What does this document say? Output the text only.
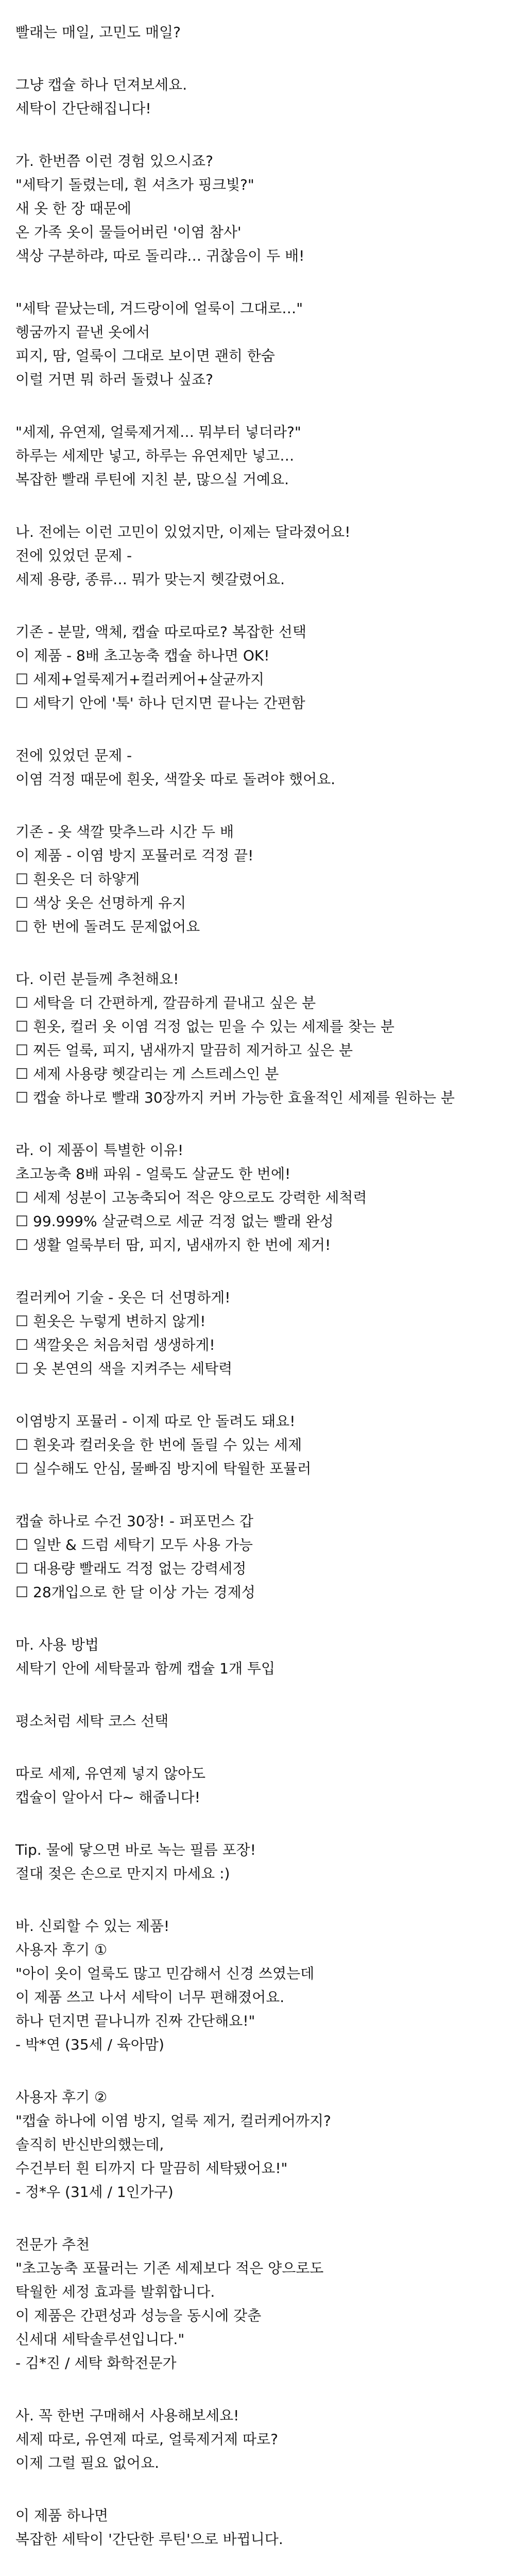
빨래는 매일, 고민도 매일?
그냥 캡슐 하나 던져보세요.
세탁이 간단해집니다!
가. 한번쯤 이런 경험 있으시죠?
"세탁기 돌렸는데, 흰 셔츠가 핑크빛?"
새 옷 한 장 때문에
온 가족 옷이 물들어버린 '이염 참사'
색상 구분하랴, 따로 돌리랴… 귀찮음이 두 배!
"세탁 끝났는데, 겨드랑이에 얼룩이 그대로…"
헹굼까지 끝낸 옷에서
피지, 땀, 얼룩이 그대로 보이면 괜히 한숨
이럴 거면 뭐 하러 돌렸나 싶죠?
"세제, 유연제, 얼룩제거제… 뭐부터 넣더라?"
하루는 세제만 넣고, 하루는 유연제만 넣고…
복잡한 빨래 루틴에 지친 분, 많으실 거예요.
나. 전에는 이런 고민이 있었지만, 이제는 달라졌어요!
전에 있었던 문제 -
세제 용량, 종류… 뭐가 맞는지 헷갈렸어요.
기존 - 분말, 액체, 캡슐 따로따로? 복잡한 선택
이 제품 - 8배 초고농축 캡슐 하나면 OK!
☐ 세제+얼룩제거+컬러케어+살균까지
☐ 세탁기 안에 '툭' 하나 던지면 끝나는 간편함
전에 있었던 문제 -
이염 걱정 때문에 흰옷, 색깔옷 따로 돌려야 했어요.
기존 - 옷 색깔 맞추느라 시간 두 배
이 제품 - 이염 방지 포뮬러로 걱정 끝!
☐ 흰옷은 더 하얗게
☐ 색상 옷은 선명하게 유지
☐ 한 번에 돌려도 문제없어요
다. 이런 분들께 추천해요!
☐ 세탁을 더 간편하게, 깔끔하게 끝내고 싶은 분
☐ 흰옷, 컬러 옷 이염 걱정 없는 믿을 수 있는 세제를 찾는 분
☐ 찌든 얼룩, 피지, 냄새까지 말끔히 제거하고 싶은 분
☐ 세제 사용량 헷갈리는 게 스트레스인 분
☐ 캡슐 하나로 빨래 30장까지 커버 가능한 효율적인 세제를 원하는 분
라. 이 제품이 특별한 이유!
초고농축 8배 파워 - 얼룩도 살균도 한 번에!
☐ 세제 성분이 고농축되어 적은 양으로도 강력한 세척력
☐ 99.999% 살균력으로 세균 걱정 없는 빨래 완성
☐ 생활 얼룩부터 땀, 피지, 냄새까지 한 번에 제거!
컬러케어 기술 - 옷은 더 선명하게!
☐ 흰옷은 누렇게 변하지 않게!
☐ 색깔옷은 처음처럼 생생하게!
☐ 옷 본연의 색을 지켜주는 세탁력
이염방지 포뮬러 - 이제 따로 안 돌려도 돼요!
☐ 흰옷과 컬러옷을 한 번에 돌릴 수 있는 세제
☐ 실수해도 안심, 물빠짐 방지에 탁월한 포뮬러
캡슐 하나로 수건 30장! - 퍼포먼스 갑
☐ 일반 & 드럼 세탁기 모두 사용 가능
☐ 대용량 빨래도 걱정 없는 강력세정
☐ 28개입으로 한 달 이상 가는 경제성
마. 사용 방법
세탁기 안에 세탁물과 함께 캡슐 1개 투입
평소처럼 세탁 코스 선택
따로 세제, 유연제 넣지 않아도
캡슐이 알아서 다~ 해줍니다!
Tip. 물에 닿으면 바로 녹는 필름 포장!
절대 젖은 손으로 만지지 마세요 :)
바. 신뢰할 수 있는 제품!
사용자 후기 ①
"아이 옷이 얼룩도 많고 민감해서 신경 쓰였는데
이 제품 쓰고 나서 세탁이 너무 편해졌어요.
하나 던지면 끝나니까 진짜 간단해요!"
- 박*연 (35세 / 육아맘)
사용자 후기 ②
"캡슐 하나에 이염 방지, 얼룩 제거, 컬러케어까지?
솔직히 반신반의했는데,
수건부터 흰 티까지 다 말끔히 세탁됐어요!"
- 정*우 (31세 / 1인가구)
전문가 추천
"초고농축 포뮬러는 기존 세제보다 적은 양으로도
탁월한 세정 효과를 발휘합니다.
이 제품은 간편성과 성능을 동시에 갖춘
신세대 세탁솔루션입니다."
- 김*진 / 세탁 화학전문가
사. 꼭 한번 구매해서 사용해보세요!
세제 따로, 유연제 따로, 얼룩제거제 따로?
이제 그럴 필요 없어요.
이 제품 하나면
복잡한 세탁이 '간단한 루틴'으로 바뀝니다.
